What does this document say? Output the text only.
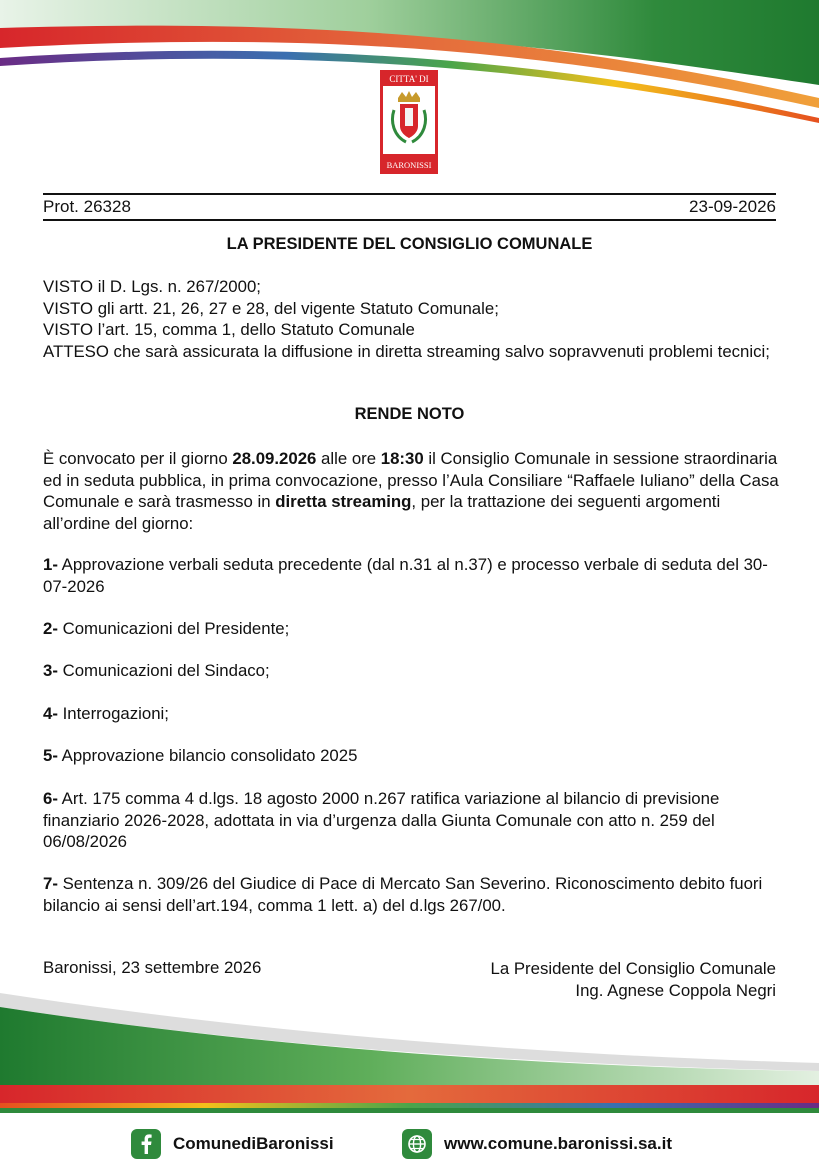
CITTA' DI
BARONISSI
Prot. 26328	23-09-2026
LA PRESIDENTE DEL CONSIGLIO COMUNALE

VISTO il D. Lgs. n. 267/2000;

VISTO gli artt. 21, 26, 27 e 28, del vigente Statuto Comunale;

VISTO l’art. 15, comma 1, dello Statuto Comunale

ATTESO che sarà assicurata la diffusione in diretta streaming salvo sopravvenuti problemi tecnici;

RENDE NOTO
È convocato per il giorno 28.09.2026 alle ore 18:30 il Consiglio Comunale in sessione straordinaria ed in seduta pubblica, in prima convocazione, presso l’Aula Consiliare “Raffaele Iuliano” della Casa Comunale e sarà trasmesso in diretta streaming, per la trattazione dei seguenti argomenti all’ordine del giorno:
1- Approvazione verbali seduta precedente (dal n.31 al n.37) e processo verbale di seduta del 30-07-2026
2- Comunicazioni del Presidente;
3- Comunicazioni del Sindaco;
4- Interrogazioni;
5- Approvazione bilancio consolidato 2025
6- Art. 175 comma 4 d.lgs. 18 agosto 2000 n.267 ratifica variazione al bilancio di previsione finanziario 2026-2028, adottata in via d’urgenza dalla Giunta Comunale con atto n. 259 del 06/08/2026
7- Sentenza n. 309/26 del Giudice di Pace di Mercato San Severino. Riconoscimento debito fuori bilancio ai sensi dell’art.194, comma 1 lett. a) del d.lgs 267/00.
Baronissi, 23 settembre 2026	La Presidente del Consiglio Comunale
Ing. Agnese Coppola Negri
ComunediBaronissi	www.comune.baronissi.sa.it
